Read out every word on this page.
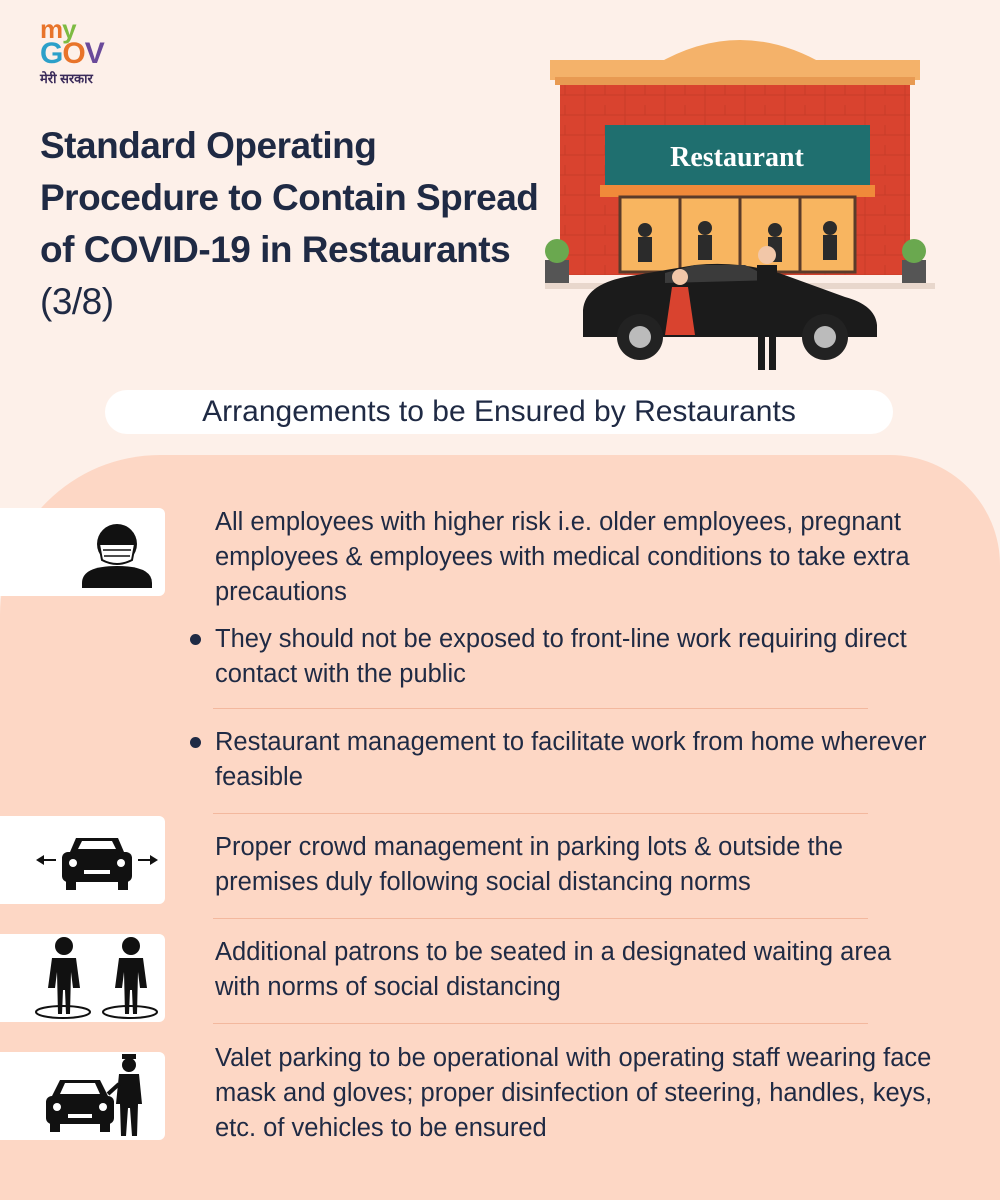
my
GOV
मेरी सरकार
Standard Operating Procedure to Contain Spread of COVID-19 in Restaurants (3/8)
Restaurant
Arrangements to be Ensured by Restaurants
All employees with higher risk i.e. older employees, pregnant employees & employees with medical conditions to take extra precautions
They should not be exposed to front-line work requiring direct contact with the public
Restaurant management to facilitate work from home wherever feasible
Proper crowd management in parking lots & outside the premises duly following social distancing norms
Additional patrons to be seated in a designated waiting area with norms of social distancing
Valet parking to be operational with operating staff wearing face mask and gloves; proper disinfection of steering, handles, keys, etc. of vehicles to be ensured
